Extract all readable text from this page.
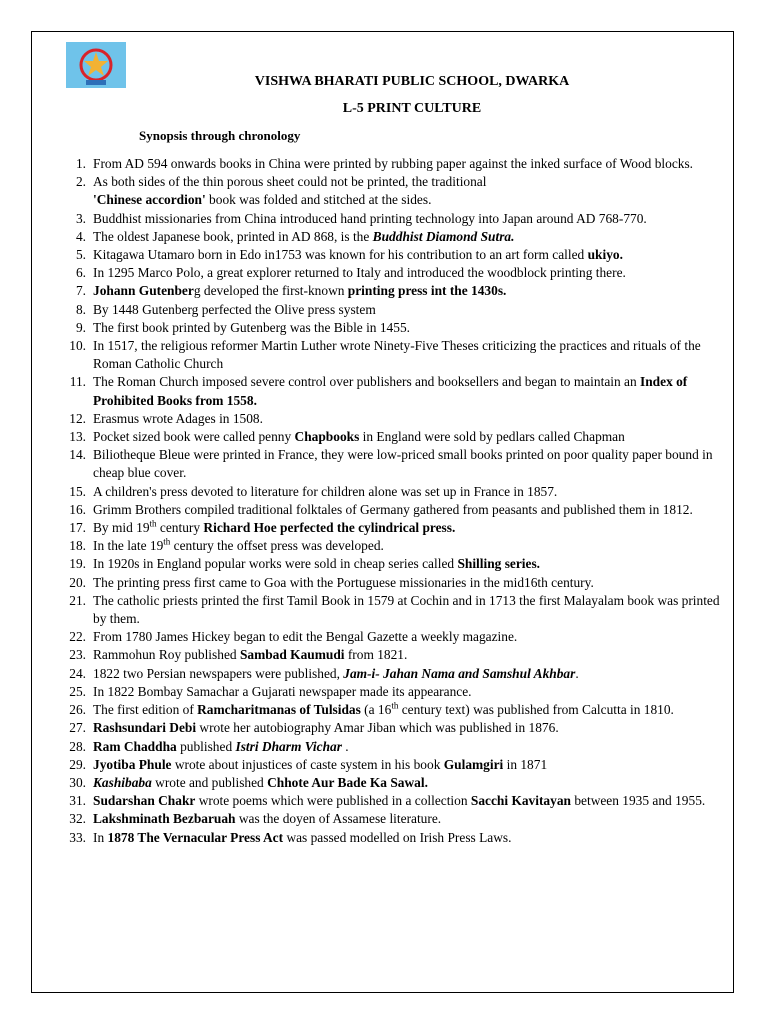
VISHWA BHARATI PUBLIC SCHOOL, DWARKA
L-5 PRINT CULTURE
Synopsis through chronology
1. From AD 594 onwards books in China were printed by rubbing paper against the inked surface of Wood blocks.
2. As both sides of the thin porous sheet could not be printed, the traditional
'Chinese accordion' book was folded and stitched at the sides.
3. Buddhist missionaries from China introduced hand printing technology into Japan around AD 768-770.
4. The oldest Japanese book, printed in AD 868, is the Buddhist Diamond Sutra.
5. Kitagawa Utamaro born in Edo in1753 was known for his contribution to an art form called ukiyo.
6. In 1295 Marco Polo, a great explorer returned to Italy and introduced the woodblock printing there.
7. Johann Gutenberg developed the first-known printing press int the 1430s.
8. By 1448 Gutenberg perfected the Olive press system
9. The first book printed by Gutenberg was the Bible in 1455.
10. In 1517, the religious reformer Martin Luther wrote Ninety-Five Theses criticizing the practices and rituals of the Roman Catholic Church
11. The Roman Church imposed severe control over publishers and booksellers and began to maintain an Index of Prohibited Books from 1558.
12. Erasmus wrote Adages in 1508.
13. Pocket sized book were called penny Chapbooks in England were sold by pedlars called Chapman
14. Biliotheque Bleue were printed in France, they were low-priced small books printed on poor quality paper bound in cheap blue cover.
15. A children's press devoted to literature for children alone was set up in France in 1857.
16. Grimm Brothers compiled traditional folktales of Germany gathered from peasants and published them in 1812.
17. By mid 19th century Richard Hoe perfected the cylindrical press.
18. In the late 19th century the offset press was developed.
19. In 1920s in England popular works were sold in cheap series called Shilling series.
20. The printing press first came to Goa with the Portuguese missionaries in the mid16th century.
21. The catholic priests printed the first Tamil Book in 1579 at Cochin and in 1713 the first Malayalam book was printed by them.
22. From 1780 James Hickey began to edit the Bengal Gazette a weekly magazine.
23. Rammohun Roy published Sambad Kaumudi from 1821.
24. 1822 two Persian newspapers were published, Jam-i- Jahan Nama and Samshul Akhbar.
25. In 1822 Bombay Samachar a Gujarati newspaper made its appearance.
26. The first edition of Ramcharitmanas of Tulsidas (a 16th century text) was published from Calcutta in 1810.
27. Rashsundari Debi wrote her autobiography Amar Jiban which was published in 1876.
28. Ram Chaddha published Istri Dharm Vichar .
29. Jyotiba Phule wrote about injustices of caste system in his book Gulamgiri in 1871
30. Kashibaba wrote and published Chhote Aur Bade Ka Sawal.
31. Sudarshan Chakr wrote poems which were published in a collection Sacchi Kavitayan between 1935 and 1955.
32. Lakshminath Bezbaruah was the doyen of Assamese literature.
33. In 1878 The Vernacular Press Act was passed modelled on Irish Press Laws.
